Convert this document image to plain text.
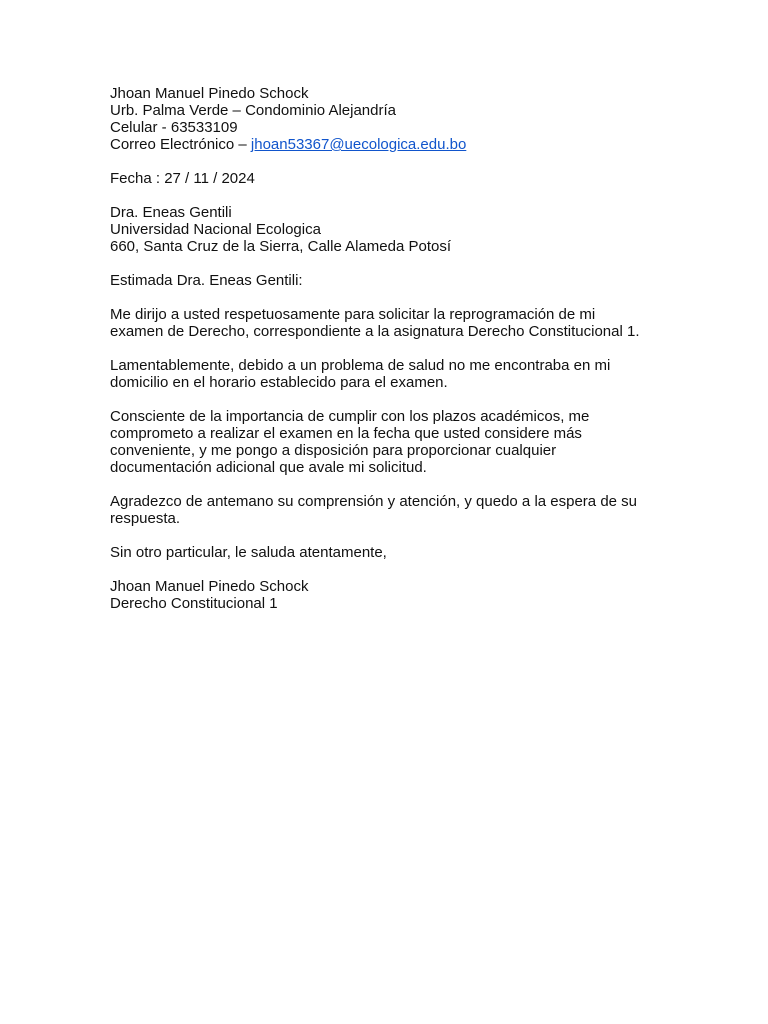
Jhoan Manuel Pinedo Schock
Urb. Palma Verde – Condominio Alejandría
Celular - 63533109
Correo Electrónico – jhoan53367@uecologica.edu.bo
Fecha : 27 / 11 / 2024
Dra. Eneas Gentili
Universidad Nacional Ecologica
660, Santa Cruz de la Sierra, Calle Alameda Potosí
Estimada Dra. Eneas Gentili:
Me dirijo a usted respetuosamente para solicitar la reprogramación de mi
examen de Derecho, correspondiente a la asignatura Derecho Constitucional 1.
Lamentablemente, debido a un problema de salud no me encontraba en mi
domicilio en el horario establecido para el examen.
Consciente de la importancia de cumplir con los plazos académicos, me
comprometo a realizar el examen en la fecha que usted considere más
conveniente, y me pongo a disposición para proporcionar cualquier
documentación adicional que avale mi solicitud.
Agradezco de antemano su comprensión y atención, y quedo a la espera de su
respuesta.
Sin otro particular, le saluda atentamente,
Jhoan Manuel Pinedo Schock
Derecho Constitucional 1
